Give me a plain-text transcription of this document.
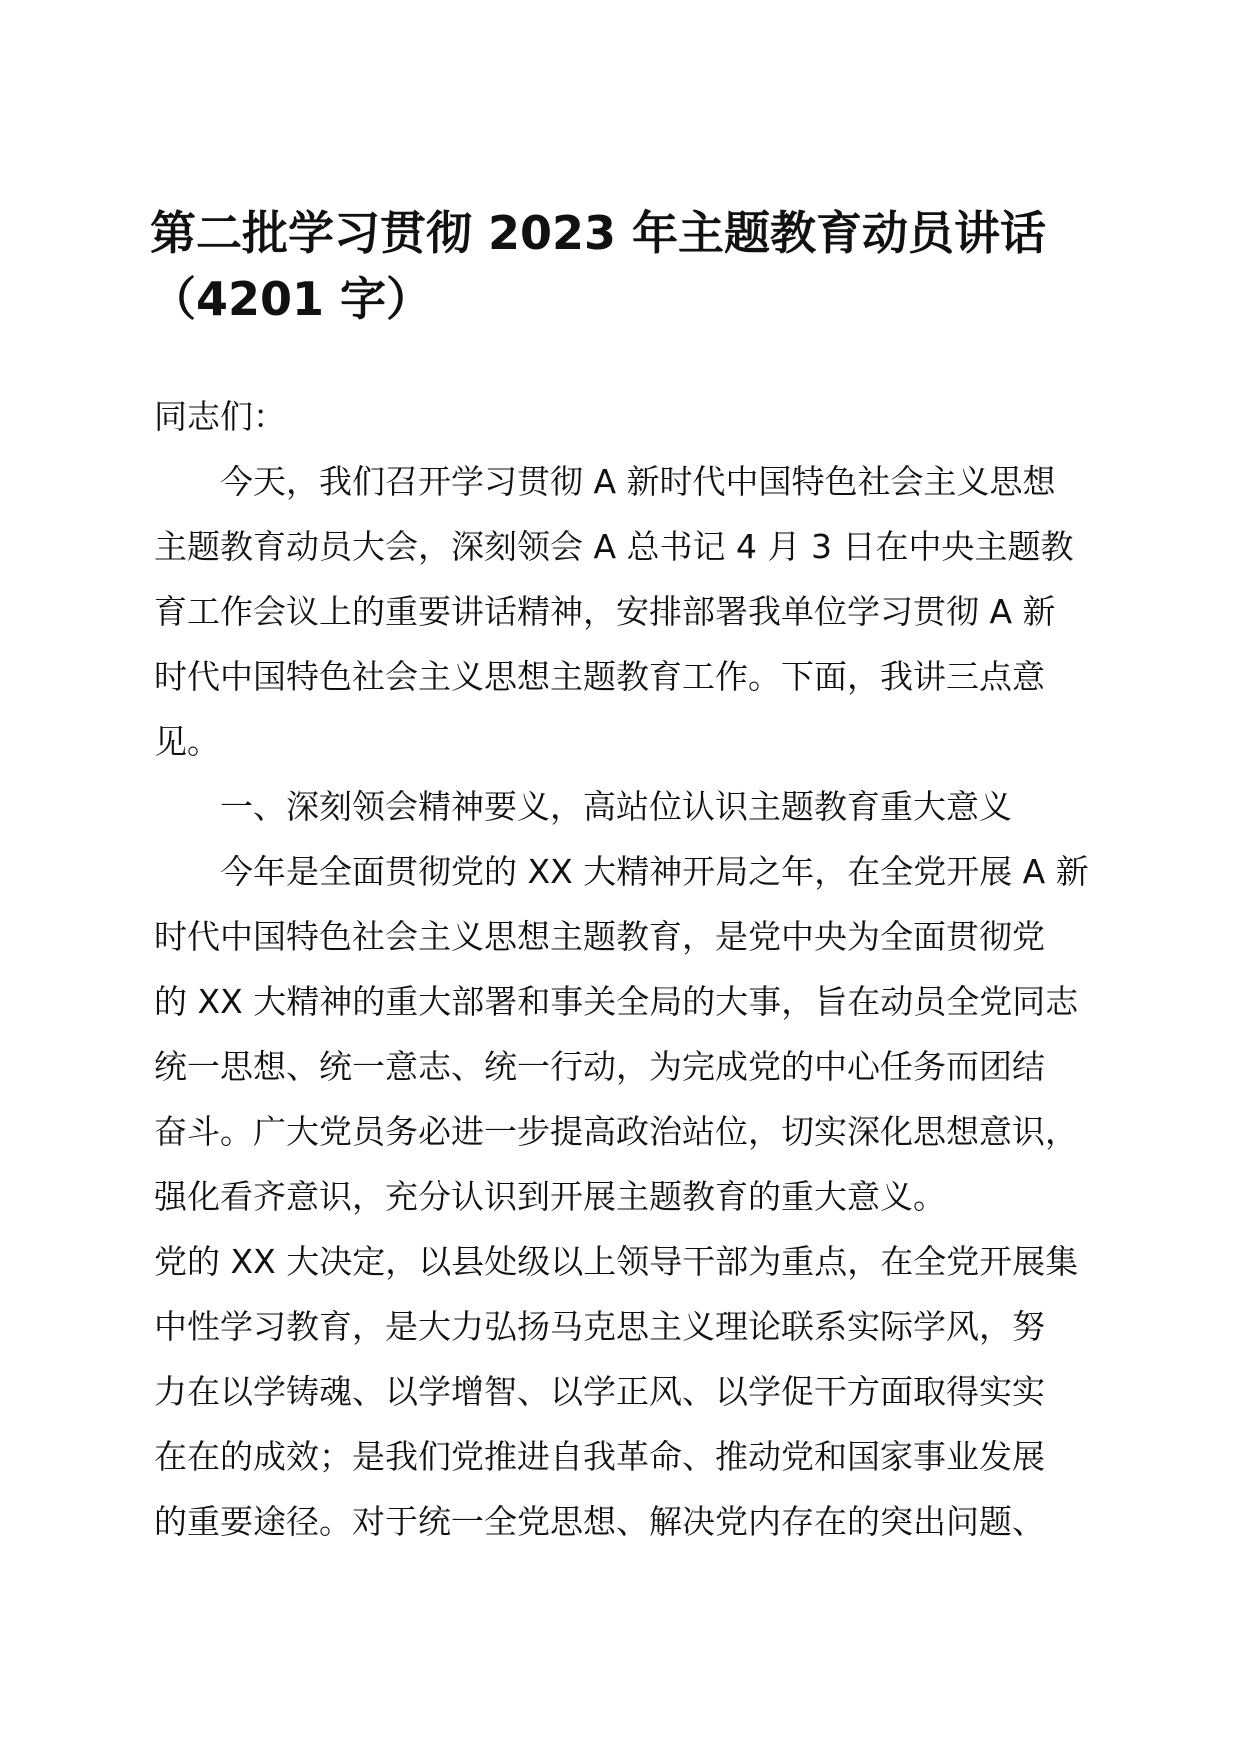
第二批学习贯彻 2023 年主题教育动员讲话
（4201 字）
同志们：
今天，我们召开学习贯彻 A 新时代中国特色社会主义思想
主题教育动员大会，深刻领会 A 总书记 4 月 3 日在中央主题教
育工作会议上的重要讲话精神，安排部署我单位学习贯彻 A 新
时代中国特色社会主义思想主题教育工作。下面，我讲三点意
见。
一、深刻领会精神要义，高站位认识主题教育重大意义
今年是全面贯彻党的 XX 大精神开局之年，在全党开展 A 新
时代中国特色社会主义思想主题教育，是党中央为全面贯彻党
的 XX 大精神的重大部署和事关全局的大事，旨在动员全党同志
统一思想、统一意志、统一行动，为完成党的中心任务而团结
奋斗。广大党员务必进一步提高政治站位，切实深化思想意识，
强化看齐意识，充分认识到开展主题教育的重大意义。
党的 XX 大决定，以县处级以上领导干部为重点，在全党开展集
中性学习教育，是大力弘扬马克思主义理论联系实际学风，努
力在以学铸魂、以学增智、以学正风、以学促干方面取得实实
在在的成效；是我们党推进自我革命、推动党和国家事业发展
的重要途径。对于统一全党思想、解决党内存在的突出问题、
